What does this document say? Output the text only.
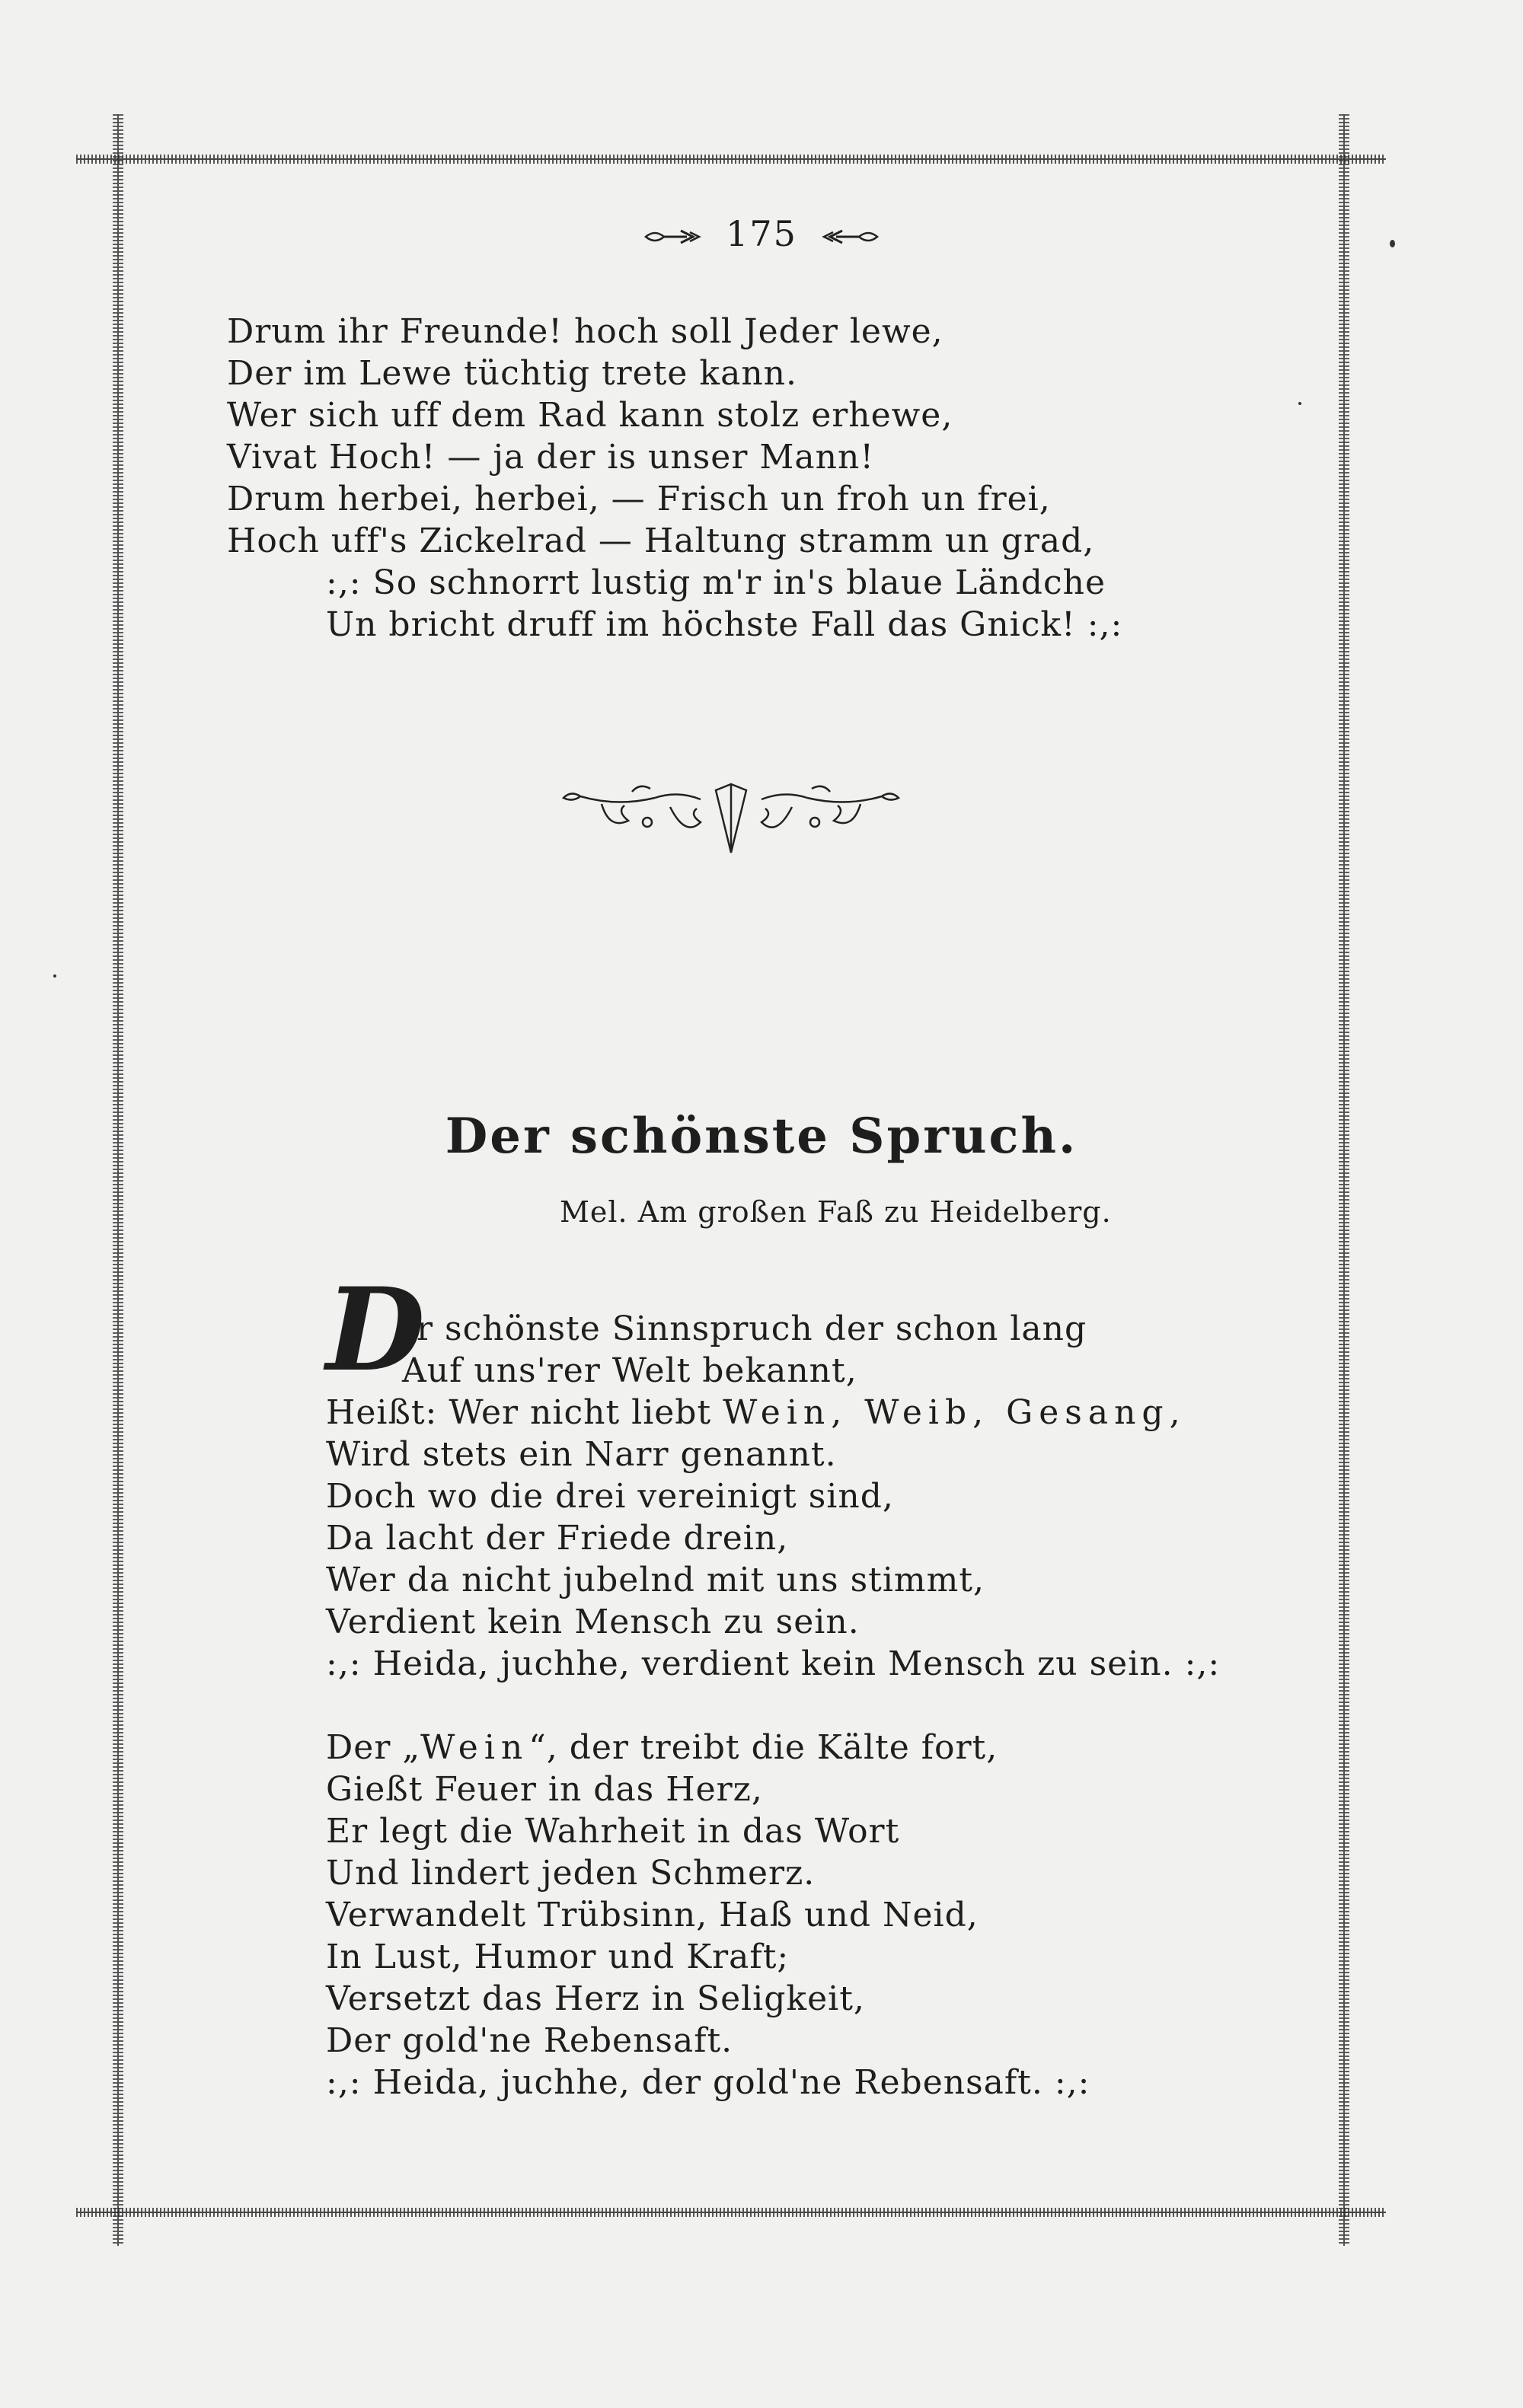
175
Drum ihr Freunde! hoch soll Jeder lewe,
Der im Lewe tüchtig trete kann.
Wer sich uff dem Rad kann stolz erhewe,
Vivat Hoch! — ja der is unser Mann!
Drum herbei, herbei, — Frisch un froh un frei,
Hoch uff's Zickelrad — Haltung stramm un grad,
:,: So schnorrt lustig m'r in's blaue Ländche
Un bricht druff im höchste Fall das Gnick! :,:
Der schönste Spruch.
Mel. Am großen Faß zu Heidelberg.
D
er schönste Sinnspruch der schon lang
Auf uns'rer Welt bekannt,
Heißt: Wer nicht liebt Wein, Weib, Gesang,
Wird stets ein Narr genannt.
Doch wo die drei vereinigt sind,
Da lacht der Friede drein,
Wer da nicht jubelnd mit uns stimmt,
Verdient kein Mensch zu sein.
:,: Heida, juchhe, verdient kein Mensch zu sein. :,:
Der „Wein“, der treibt die Kälte fort,
Gießt Feuer in das Herz,
Er legt die Wahrheit in das Wort
Und lindert jeden Schmerz.
Verwandelt Trübsinn, Haß und Neid,
In Lust, Humor und Kraft;
Versetzt das Herz in Seligkeit,
Der gold'ne Rebensaft.
:,: Heida, juchhe, der gold'ne Rebensaft. :,:
